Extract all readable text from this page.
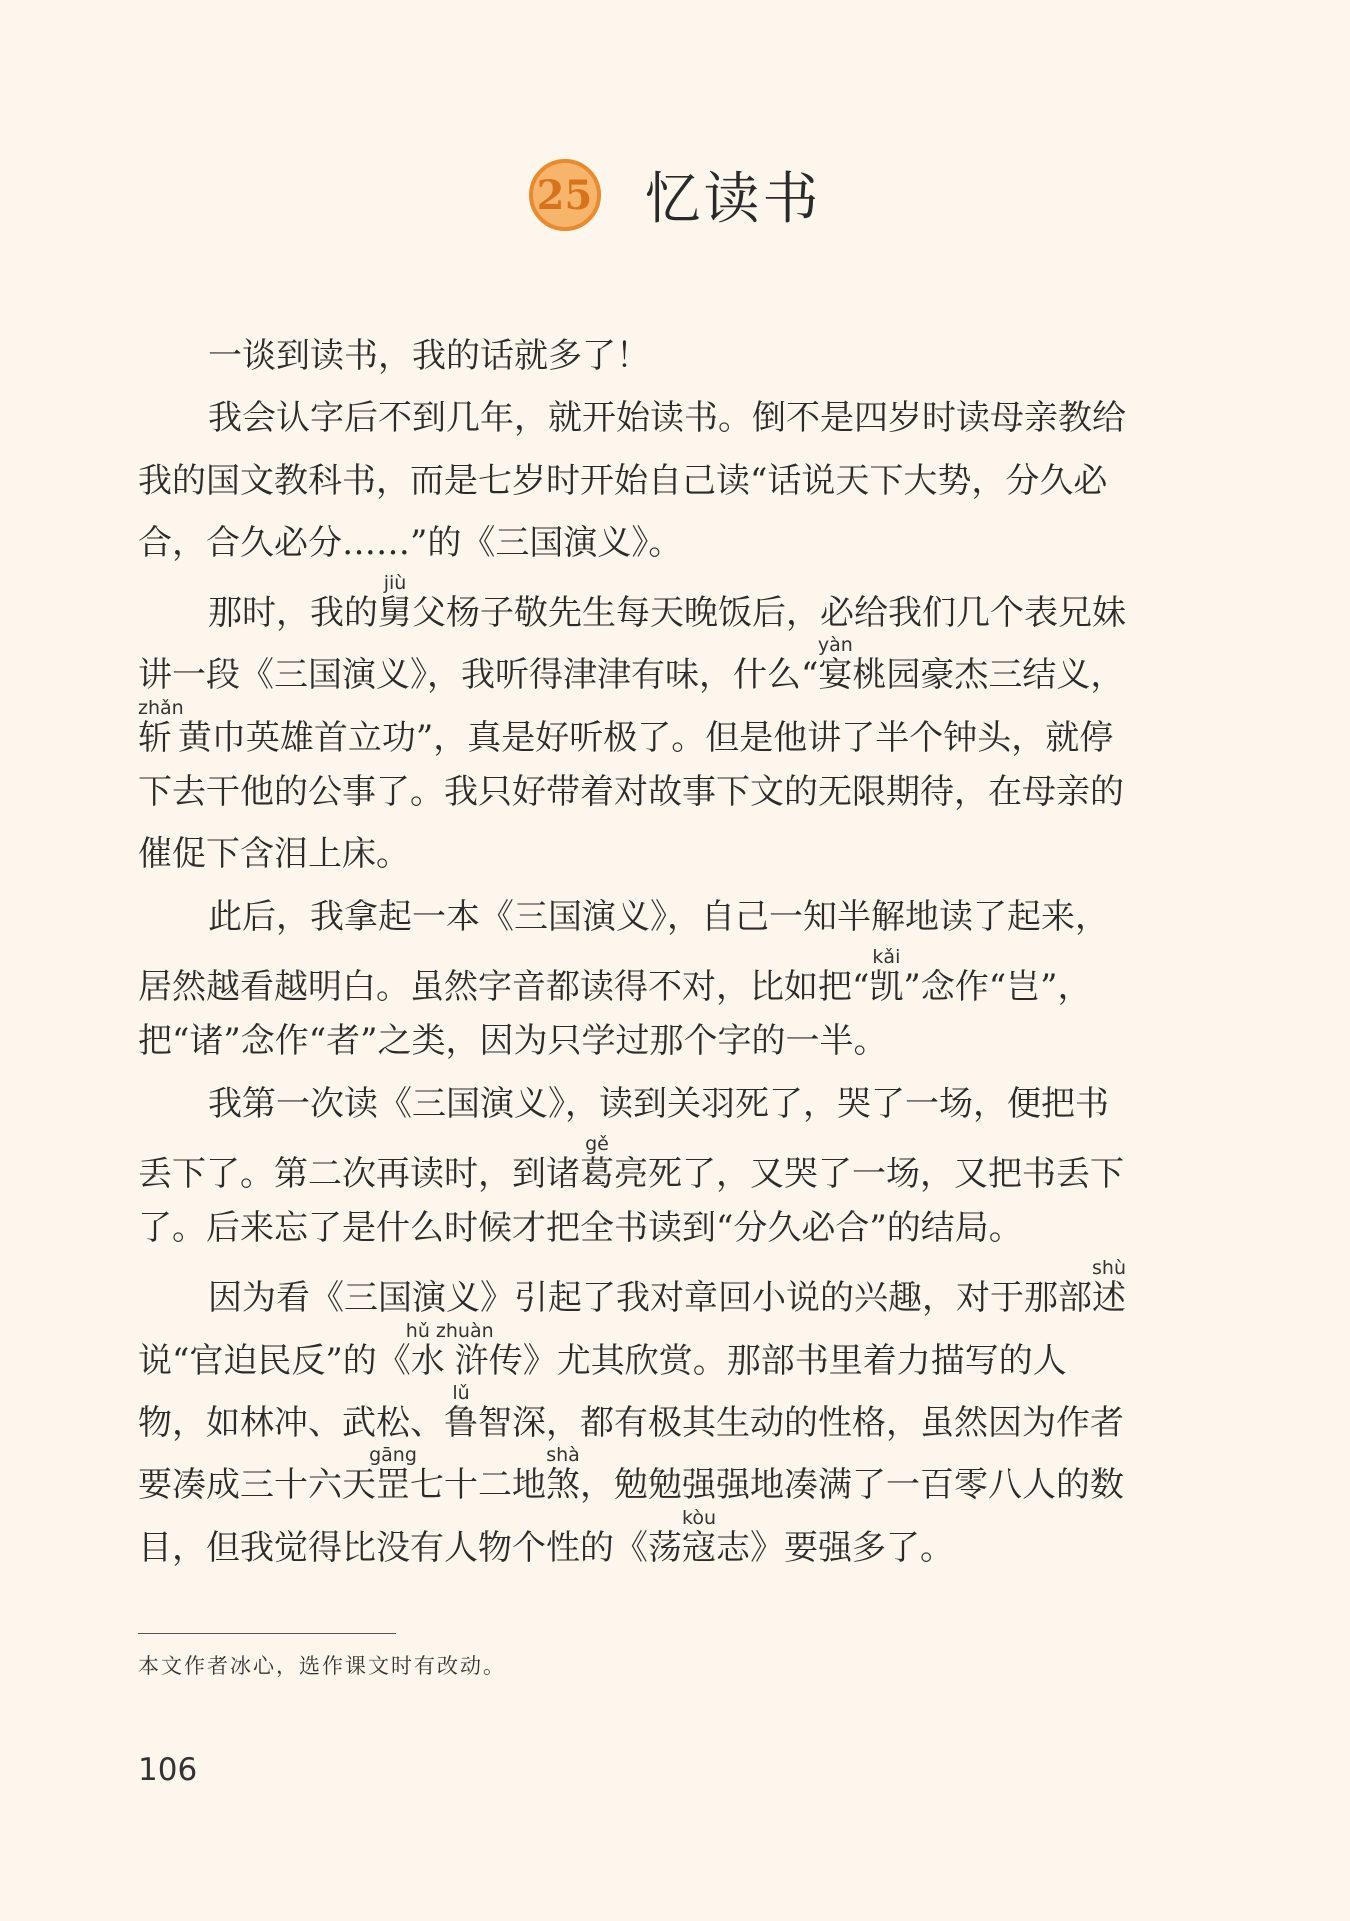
25 忆读书
一谈到读书，我的话就多了！
我会认字后不到几年，就开始读书。倒不是四岁时读母亲教给
我的国文教科书，而是七岁时开始自己读“话说天下大势，分久必
合，合久必分……”的《三国演义》。
那时，我的舅jiù父杨子敬先生每天晚饭后，必给我们几个表兄妹
讲一段《三国演义》，我听得津津有味，什么“宴yàn桃园豪杰三结义，
斩zhǎn黄巾英雄首立功”，真是好听极了。但是他讲了半个钟头，就停
下去干他的公事了。我只好带着对故事下文的无限期待，在母亲的
催促下含泪上床。
此后，我拿起一本《三国演义》，自己一知半解地读了起来，
居然越看越明白。虽然字音都读得不对，比如把“凯kǎi”念作“岂”，
把“诸”念作“者”之类，因为只学过那个字的一半。
我第一次读《三国演义》，读到关羽死了，哭了一场，便把书
丢下了。第二次再读时，到诸葛gě亮死了，又哭了一场，又把书丢下
了。后来忘了是什么时候才把全书读到“分久必合”的结局。
因为看《三国演义》引起了我对章回小说的兴趣，对于那部述shù
说“官迫民反”的《水浒hǔ zhuàn传》尤其欣赏。那部书里着力描写的人
物，如林冲、武松、鲁lǔ智深，都有极其生动的性格，虽然因为作者
要凑成三十六天罡gāng七十二地煞shà，勉勉强强地凑满了一百零八人的数
目，但我觉得比没有人物个性的《荡寇kòu志》要强多了。
本文作者冰心，选作课文时有改动。
106
